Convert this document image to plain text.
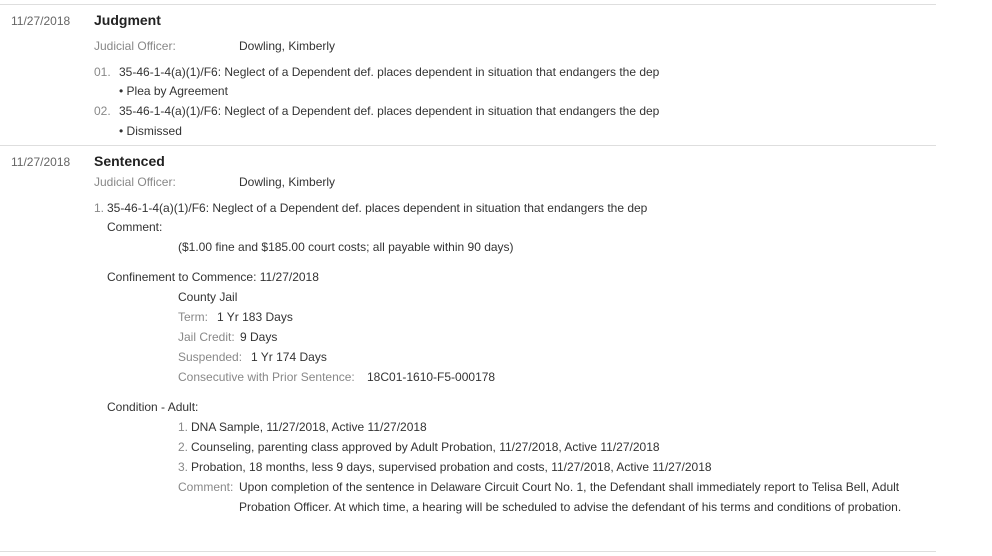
11/27/2018 Judgment
Judicial Officer:	Dowling, Kimberly
01. 35-46-1-4(a)(1)/F6: Neglect of a Dependent def. places dependent in situation that endangers the dep
• Plea by Agreement
02. 35-46-1-4(a)(1)/F6: Neglect of a Dependent def. places dependent in situation that endangers the dep
• Dismissed
11/27/2018 Sentenced
Judicial Officer:	Dowling, Kimberly
1. 35-46-1-4(a)(1)/F6: Neglect of a Dependent def. places dependent in situation that endangers the dep
Comment:
($1.00 fine and $185.00 court costs; all payable within 90 days)
Confinement to Commence: 11/27/2018
County Jail
Term: 1 Yr 183 Days
Jail Credit: 9 Days
Suspended: 1 Yr 174 Days
Consecutive with Prior Sentence: 18C01-1610-F5-000178
Condition - Adult:
1. DNA Sample, 11/27/2018, Active 11/27/2018
2. Counseling, parenting class approved by Adult Probation, 11/27/2018, Active 11/27/2018
3. Probation, 18 months, less 9 days, supervised probation and costs, 11/27/2018, Active 11/27/2018
Comment: Upon completion of the sentence in Delaware Circuit Court No. 1, the Defendant shall immediately report to Telisa Bell, Adult Probation Officer. At which time, a hearing will be scheduled to advise the defendant of his terms and conditions of probation.
